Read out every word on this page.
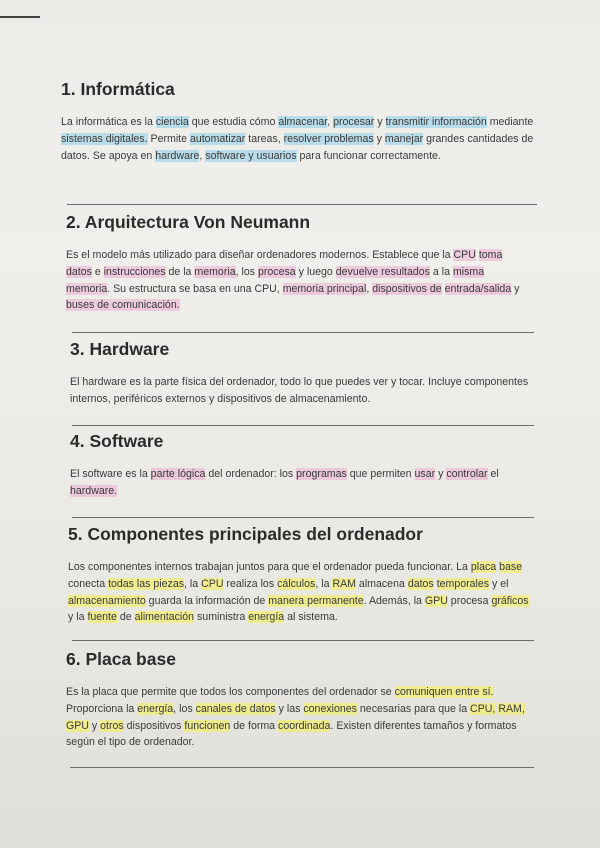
1. Informática

La informática es la ciencia que estudia cómo almacenar, procesar y transmitir información mediante sistemas digitales. Permite automatizar tareas, resolver problemas y manejar grandes cantidades de datos. Se apoya en hardware, software y usuarios para funcionar correctamente.

2. Arquitectura Von Neumann

Es el modelo más utilizado para diseñar ordenadores modernos. Establece que la CPU toma datos e instrucciones de la memoria, los procesa y luego devuelve resultados a la misma memoria. Su estructura se basa en una CPU, memoria principal, dispositivos de entrada/salida y buses de comunicación.

3. Hardware

El hardware es la parte física del ordenador, todo lo que puedes ver y tocar. Incluye componentes internos, periféricos externos y dispositivos de almacenamiento.

4. Software

El software es la parte lógica del ordenador: los programas que permiten usar y controlar el hardware.

5. Componentes principales del ordenador

Los componentes internos trabajan juntos para que el ordenador pueda funcionar. La placa base conecta todas las piezas, la CPU realiza los cálculos, la RAM almacena datos temporales y el almacenamiento guarda la información de manera permanente. Además, la GPU procesa gráficos y la fuente de alimentación suministra energía al sistema.

6. Placa base

Es la placa que permite que todos los componentes del ordenador se comuniquen entre sí. Proporciona la energía, los canales de datos y las conexiones necesarias para que la CPU, RAM, GPU y otros dispositivos funcionen de forma coordinada. Existen diferentes tamaños y formatos según el tipo de ordenador.
